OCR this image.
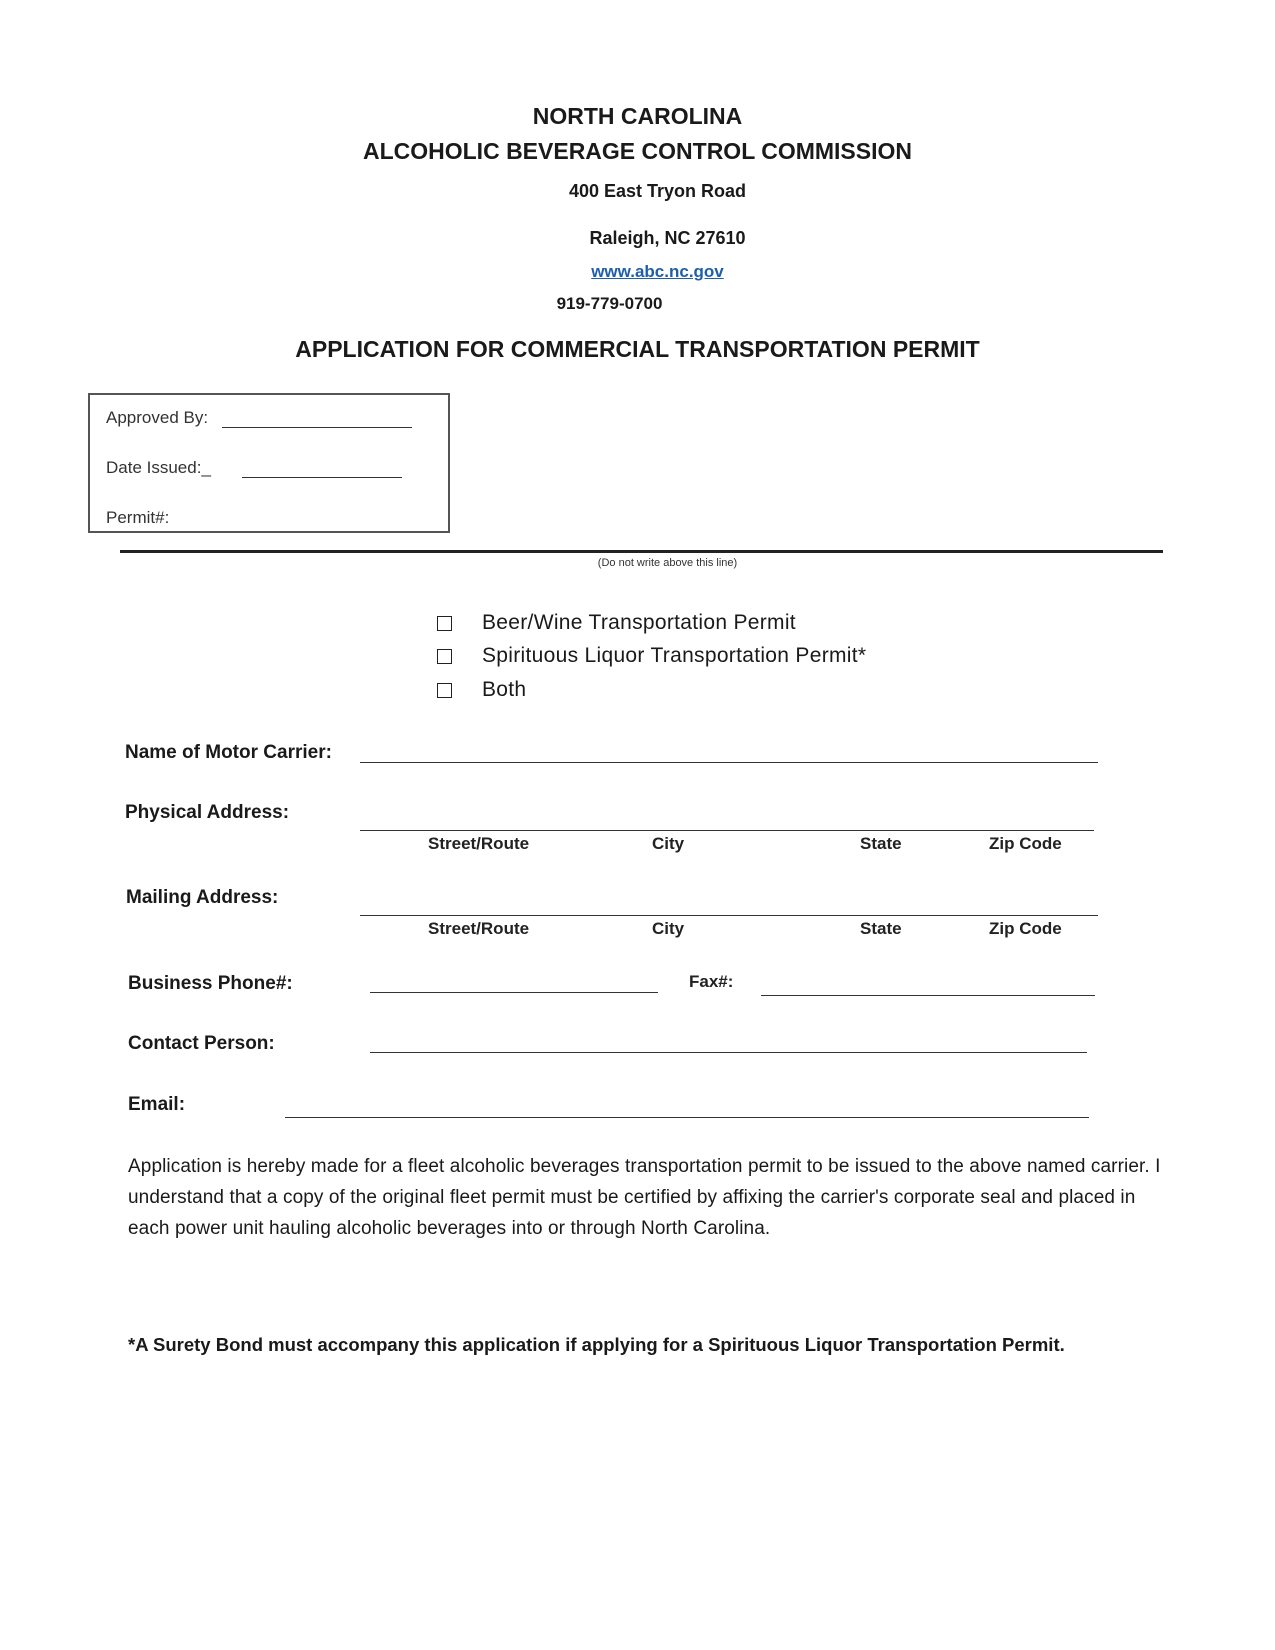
NORTH CAROLINA
ALCOHOLIC BEVERAGE CONTROL COMMISSION
400 East Tryon Road
Raleigh, NC 27610
www.abc.nc.gov
919-779-0700
APPLICATION FOR COMMERCIAL TRANSPORTATION PERMIT
Approved By:
Date Issued:_
Permit#:
(Do not write above this line)
Beer/Wine Transportation Permit
Spirituous Liquor Transportation Permit*
Both
Name of Motor Carrier:
Physical Address:
Street/Route	City	State	Zip Code
Mailing Address:
Street/Route	City	State	Zip Code
Business Phone#:	Fax#:
Contact Person:
Email:
Application is hereby made for a fleet alcoholic beverages transportation permit to be issued to the above named carrier. I understand that a copy of the original fleet permit must be certified by affixing the carrier's corporate seal and placed in each power unit hauling alcoholic beverages into or through North Carolina.
*A Surety Bond must accompany this application if applying for a Spirituous Liquor Transportation Permit.
